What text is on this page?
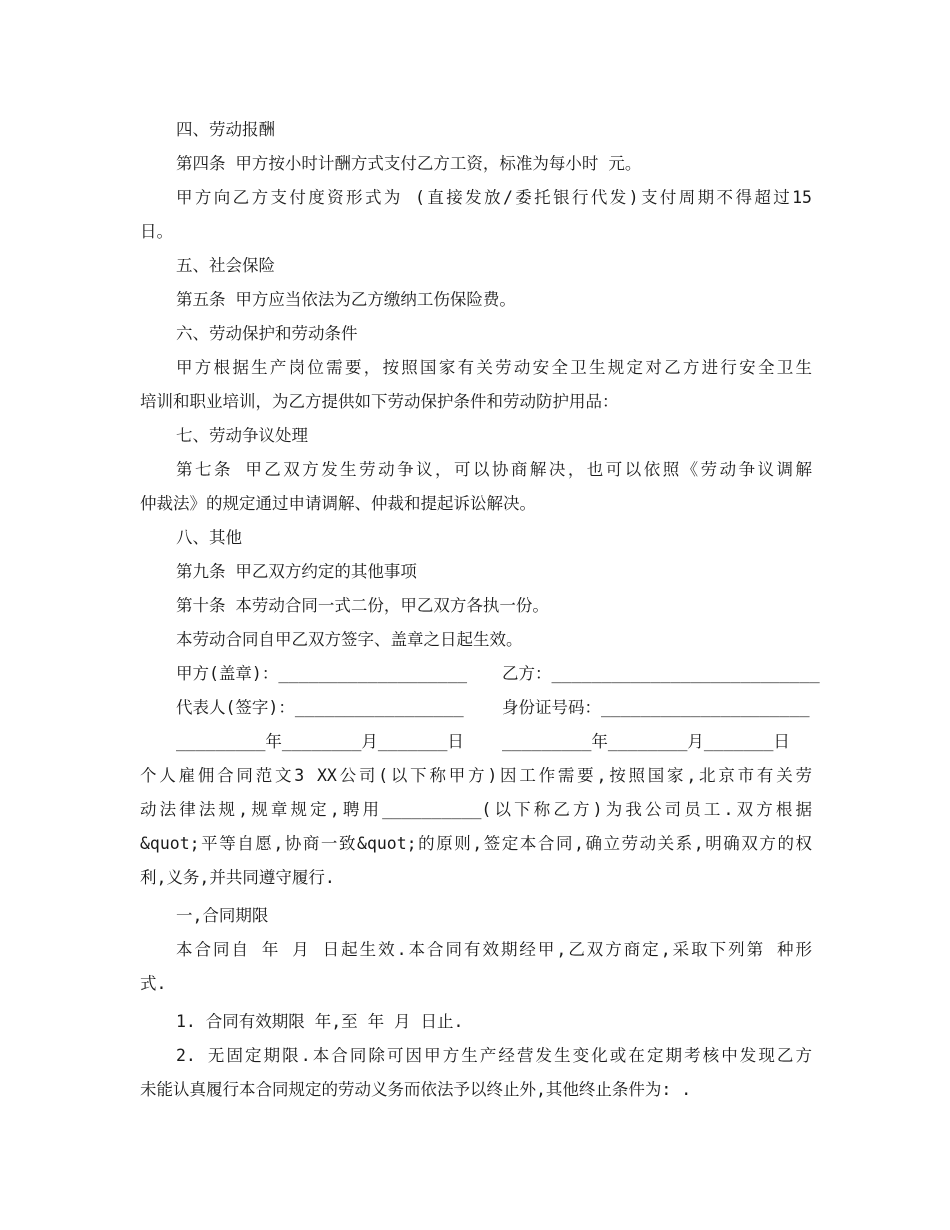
四、劳动报酬
第四条 甲方按小时计酬方式支付乙方工资，标准为每小时 元。
甲方向乙方支付度资形式为 (直接发放/委托银行代发)支付周期不得超过15
日。
五、社会保险
第五条 甲方应当依法为乙方缴纳工伤保险费。
六、劳动保护和劳动条件
甲方根据生产岗位需要，按照国家有关劳动安全卫生规定对乙方进行安全卫生
培训和职业培训，为乙方提供如下劳动保护条件和劳动防护用品：
七、劳动争议处理
第七条 甲乙双方发生劳动争议，可以协商解决，也可以依照《劳动争议调解
仲裁法》的规定通过申请调解、仲裁和提起诉讼解决。
八、其他
第九条 甲乙双方约定的其他事项
第十条 本劳动合同一式二份，甲乙双方各执一份。
本劳动合同自甲乙双方签字、盖章之日起生效。
甲方(盖章)：___________________ 乙方：___________________________
代表人(签字)：_________________ 身份证号码：_____________________
_________年________月_______日 _________年________月_______日
个人雇佣合同范文3 XX公司(以下称甲方)因工作需要,按照国家,北京市有关劳
动法律法规,规章规定,聘用__________(以下称乙方)为我公司员工.双方根据
&quot;平等自愿,协商一致&quot;的原则,签定本合同,确立劳动关系,明确双方的权
利,义务,并共同遵守履行.
一,合同期限
本合同自 年 月 日起生效.本合同有效期经甲,乙双方商定,采取下列第 种形
式.
1. 合同有效期限 年,至 年 月 日止.
2. 无固定期限.本合同除可因甲方生产经营发生变化或在定期考核中发现乙方
未能认真履行本合同规定的劳动义务而依法予以终止外,其他终止条件为: .
